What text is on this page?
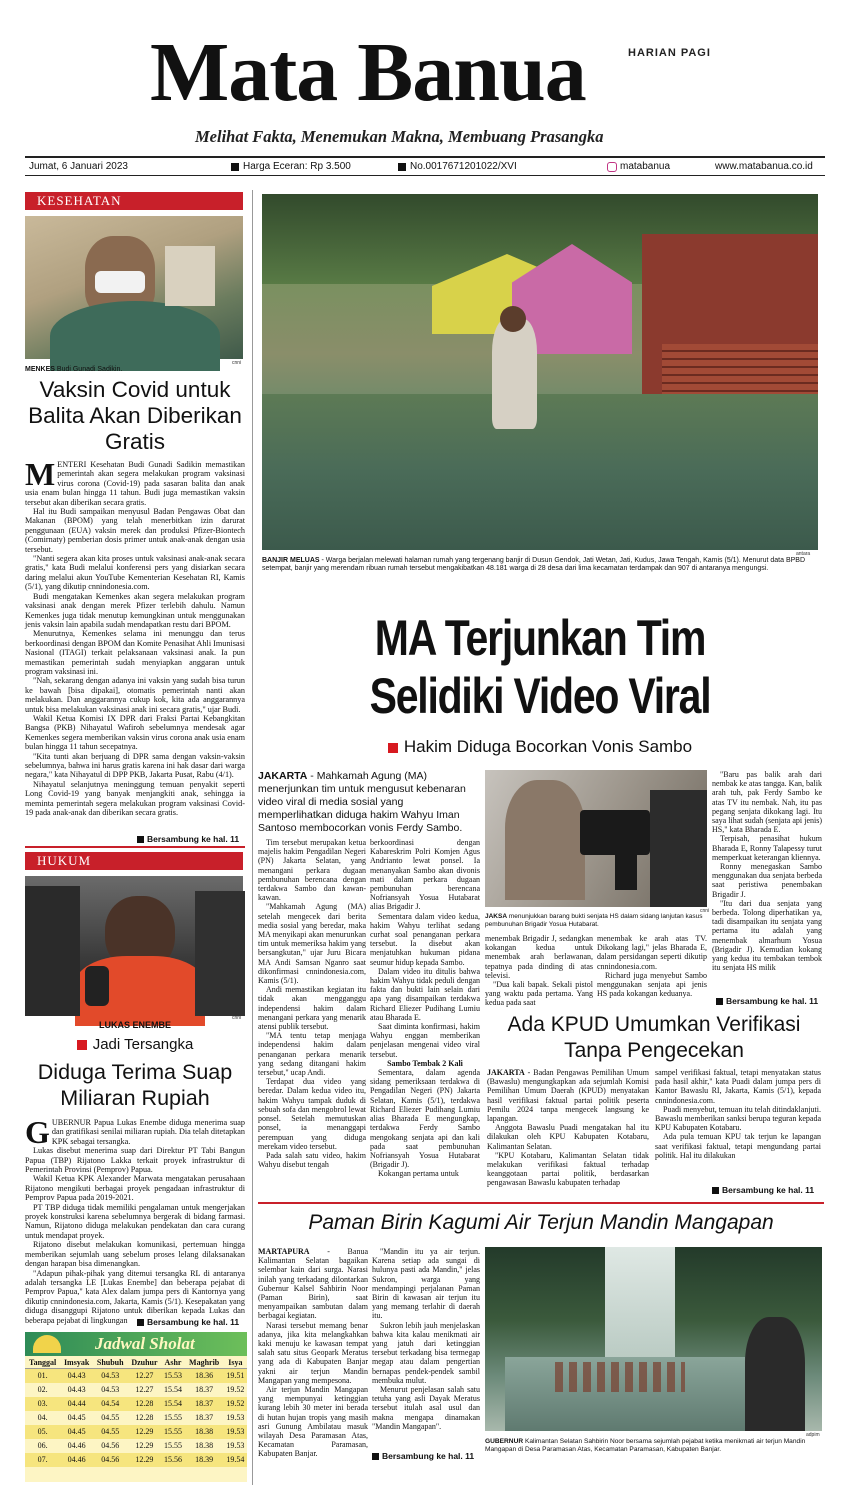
Mata Banua	HARIAN PAGI
Melihat Fakta, Menemukan Makna, Membuang Prasangka
Jumat, 6 Januari 2023	Harga Eceran: Rp 3.500	No.0017671201022/XVI	matabanua	www.matabanua.co.id
KESEHATAN
cnni
MENKES Budi Gunadi Sadikin.
Vaksin Covid untuk Balita Akan Diberikan Gratis

MENTERI Kesehatan Budi Gunadi Sadikin memastikan pemerintah akan segera melakukan program vaksinasi virus corona (Covid-19) pada sasaran balita dan anak usia enam bulan hingga 11 tahun. Budi juga memastikan vaksin tersebut akan diberikan secara gratis.

Hal itu Budi sampaikan menyusul Badan Pengawas Obat dan Makanan (BPOM) yang telah menerbitkan izin darurat penggunaan (EUA) vaksin merek dan produksi Pfizer-Biontech (Comirnaty) pemberian dosis primer untuk anak-anak dengan usia tersebut.

"Nanti segera akan kita proses untuk vaksinasi anak-anak secara gratis," kata Budi melalui konferensi pers yang disiarkan secara daring melalui akun YouTube Kementerian Kesehatan RI, Kamis (5/1), yang dikutip cnnindonesia.com.

Budi mengatakan Kemenkes akan segera melakukan program vaksinasi anak dengan merek Pfizer terlebih dahulu. Namun Kemenkes juga tidak menutup kemungkinan untuk menggunakan jenis vaksin lain apabila sudah mendapatkan restu dari BPOM.

Menurutnya, Kemenkes selama ini menunggu dan terus berkoordinasi dengan BPOM dan Komite Penasihat Ahli Imunisasi Nasional (ITAGI) terkait pelaksanaan vaksinasi anak. Ia pun memastikan pemerintah sudah menyiapkan anggaran untuk program vaksinasi ini.

"Nah, sekarang dengan adanya ini vaksin yang sudah bisa turun ke bawah [bisa dipakai], otomatis pemerintah nanti akan melakukan. Dan anggarannya cukup kok, kita ada anggarannya untuk bisa melakukan vaksinasi anak ini secara gratis," ujar Budi.

Wakil Ketua Komisi IX DPR dari Fraksi Partai Kebangkitan Bangsa (PKB) Nihayatul Wafiroh sebelumnya mendesak agar Kemenkes segera memberikan vaksin virus corona anak usia enam bulan hingga 11 tahun secepatnya.

"Kita tunti akan berjuang di DPR sama dengan vaksin-vaksin sebelumnya, bahwa ini harus gratis karena ini hak dasar dari warga negara," kata Nihayatul di DPP PKB, Jakarta Pusat, Rabu (4/1).

Nihayatul selanjutnya meninggung temuan penyakit seperti Long Covid-19 yang banyak menjangkiti anak, sehingga ia meminta pemerintah segera melakukan program vaksinasi Covid-19 pada anak-anak dan diberikan secara gratis.

Bersambung ke hal. 11
HUKUM
cnni
LUKAS ENEMBE
Jadi Tersangka
Diduga Terima Suap Miliaran Rupiah

GUBERNUR Papua Lukas Enembe diduga menerima suap dan gratifikasi senilai miliaran rupiah. Dia telah ditetapkan KPK sebagai tersangka.

Lukas disebut menerima suap dari Direktur PT Tabi Bangun Papua (TBP) Rijatono Lakka terkait proyek infrastruktur di Pemerintah Provinsi (Pemprov) Papua.

Wakil Ketua KPK Alexander Marwata mengatakan perusahaan Rijatono mengikuti berbagai proyek pengadaan infrastruktur di Pemprov Papua pada 2019-2021.

PT TBP diduga tidak memiliki pengalaman untuk mengerjakan proyek konstruksi karena sebelumnya bergerak di bidang farmasi. Namun, Rijatono diduga melakukan pendekatan dan cara curang untuk mendapat proyek.

Rijatono disebut melakukan komunikasi, pertemuan hingga memberikan sejumlah uang sebelum proses lelang dilaksanakan dengan harapan bisa dimenangkan.

"Adapun pihak-pihak yang ditemui tersangka RL di antaranya adalah tersangka LE [Lukas Enembe] dan beberapa pejabat di Pemprov Papua," kata Alex dalam jumpa pers di Kantornya yang dikutip cnnindonesia.com, Jakarta, Kamis (5/1). Kesepakatan yang diduga disanggupi Rijatono untuk diberikan kepada Lukas dan beberapa pejabat di lingkungan	Bersambung ke hal. 11
Jadwal Sholat
Tanggal	Imsyak	Shubuh	Dzuhur	Ashr	Maghrib	Isya
01.	04.43	04.53	12.27	15.53	18.36	19.51
02.	04.43	04.53	12.27	15.54	18.37	19.52
03.	04.44	04.54	12.28	15.54	18.37	19.52
04.	04.45	04.55	12.28	15.55	18.37	19.53
05.	04.45	04.55	12.29	15.55	18.38	19.53
06.	04.46	04.56	12.29	15.55	18.38	19.53
07.	04.46	04.56	12.29	15.56	18.39	19.54
antara
BANJIR MELUAS - Warga berjalan melewati halaman rumah yang tergenang banjir di Dusun Gendok, Jati Wetan, Jati, Kudus, Jawa Tengah, Kamis (5/1). Menurut data BPBD setempat, banjir yang merendam ribuan rumah tersebut mengakibatkan 48.181 warga di 28 desa dari lima kecamatan terdampak dan 907 di antaranya mengungsi.
MA Terjunkan Tim
Selidiki Video Viral
Hakim Diduga Bocorkan Vonis Sambo
JAKARTA - Mahkamah Agung (MA) menerjunkan tim untuk mengusut kebenaran video viral di media sosial yang memperlihatkan diduga hakim Wahyu Iman Santoso membocorkan vonis Ferdy Sambo.

Tim tersebut merupakan ketua majelis hakim Pengadilan Negeri (PN) Jakarta Selatan, yang menangani perkara dugaan pembunuhan berencana dengan terdakwa Sambo dan kawan-kawan.

"Mahkamah Agung (MA) setelah mengecek dari berita media sosial yang beredar, maka MA menyikapi akan menurunkan tim untuk memeriksa hakim yang bersangkutan," ujar Juru Bicara MA Andi Samsan Nganro saat dikonfirmasi cnnindonesia.com, Kamis (5/1).

Andi memastikan kegiatan itu tidak akan mengganggu independensi hakim dalam menangani perkara yang menarik atensi publik tersebut.

"MA tentu tetap menjaga independensi hakim dalam penanganan perkara menarik yang sedang ditangani hakim tersebut," ucap Andi.

Terdapat dua video yang beredar. Dalam kedua video itu, hakim Wahyu tampak duduk di sebuah sofa dan mengobrol lewat ponsel. Setelah memutuskan ponsel, ia menanggapi perempuan yang diduga merekam video tersebut.

Pada salah satu video, hakim Wahyu disebut tengah

berkoordinasi dengan Kabareskrim Polri Komjen Agus Andrianto lewat ponsel. Ia menanyakan Sambo akan divonis mati dalam perkara dugaan pembunuhan berencana Nofriansyah Yosua Hutabarat alias Brigadir J.

Sementara dalam video kedua, hakim Wahyu terlihat sedang curhat soal penanganan perkara tersebut. Ia disebut akan menjatuhkan hukuman pidana seumur hidup kepada Sambo.

Dalam video itu ditulis bahwa hakim Wahyu tidak peduli dengan fakta dan bukti lain selain dari apa yang disampaikan terdakwa Richard Eliezer Pudihang Lumiu atau Bharada E.

Saat diminta konfirmasi, hakim Wahyu enggan memberikan penjelasan mengenai video viral tersebut.

Sambo Tembak 2 Kali

Sementara, dalam agenda sidang pemeriksaan terdakwa di Pengadilan Negeri (PN) Jakarta Selatan, Kamis (5/1), terdakwa Richard Eliezer Pudihang Lumiu alias Bharada E mengungkap, terdakwa Ferdy Sambo mengokang senjata api dan kali pada saat pembunuhan Nofriansyah Yosua Hutabarat (Brigadir J).

Kokangan pertama untuk

cnni
JAKSA menunjukkan barang bukti senjata HS dalam sidang lanjutan kasus pembunuhan Brigadir Yosua Hutabarat.

menembak Brigadir J, sedangkan kokangan kedua untuk menembak arah berlawanan, tepatnya pada dinding di atas televisi.

"Dua kali bapak. Sekali pistol yang waktu pada pertama. Yang kedua pada saat

menembak ke arah atas TV. Dikokang lagi," jelas Bharada E, dalam persidangan seperti dikutip cnnindonesia.com.

Richard juga menyebut Sambo menggunakan senjata api jenis HS pada kokangan keduanya.

"Baru pas balik arah dari nembak ke atas tangga. Kan, balik arah tuh, pak Ferdy Sambo ke atas TV itu nembak. Nah, itu pas pegang senjata dikokang lagi. Itu saya lihat sudah (senjata api jenis) HS," kata Bharada E.

Terpisah, penasihat hukum Bharada E, Ronny Talapessy turut memperkuat keterangan kliennya.

Ronny menegaskan Sambo menggunakan dua senjata berbeda saat peristiwa penembakan Brigadir J.

"Itu dari dua senjata yang berbeda. Tolong diperhatikan ya, tadi disampaikan itu senjata yang pertama itu adalah yang menembak almarhum Yosua (Brigadir J). Kemudian kokang yang kedua itu tembakan tembok itu senjata HS milik

Bersambung ke hal. 11
Ada KPUD Umumkan Verifikasi Tanpa Pengecekan

JAKARTA - Badan Pengawas Pemilihan Umum (Bawaslu) mengungkapkan ada sejumlah Komisi Pemilihan Umum Daerah (KPUD) menyatakan hasil verifikasi faktual partai politik peserta Pemilu 2024 tanpa mengecek langsung ke lapangan.

Anggota Bawaslu Puadi mengatakan hal itu dilakukan oleh KPU Kabupaten Kotabaru, Kalimantan Selatan.

"KPU Kotabaru, Kalimantan Selatan tidak melakukan verifikasi faktual terhadap keanggotaan partai politik, berdasarkan pengawasan Bawaslu kabupaten terhadap

sampel verifikasi faktual, tetapi menyatakan status pada hasil akhir," kata Puadi dalam jumpa pers di Kantor Bawaslu RI, Jakarta, Kamis (5/1), kepada cnnindonesia.com.

Puadi menyebut, temuan itu telah ditindaklanjuti. Bawaslu memberikan sanksi berupa teguran kepada KPU Kabupaten Kotabaru.

Ada pula temuan KPU tak terjun ke lapangan saat verifikasi faktual, tetapi mengundang partai politik. Hal itu dilakukan

Bersambung ke hal. 11
Paman Birin Kagumi Air Terjun Mandin Mangapan

MARTAPURA - Banua Kalimantan Selatan bagaikan selembar kain dari surga. Narasi inilah yang terkadang dilontarkan Gubernur Kalsel Sahbirin Noor (Paman Birin), saat menyampaikan sambutan dalam berbagai kegiatan.

Narasi tersebut memang benar adanya, jika kita melangkahkan kaki menuju ke kawasan tempat salah satu situs Geopark Meratus yang ada di Kabupaten Banjar yakni air terjun Mandin Mangapan yang mempesona.

Air terjun Mandin Mangapan yang mempunyai ketinggian kurang lebih 30 meter ini berada di hutan hujan tropis yang masih asri Gunung Ambilatau masuk wilayah Desa Paramasan Atas, Kecamatan Paramasan, Kabupaten Banjar.

"Mandin itu ya air terjun. Karena setiap ada sungai di hulunya pasti ada Mandin," jelas Sukron, warga yang mendampingi perjalanan Paman Birin di kawasan air terjun itu yang memang terlahir di daerah itu.

Sukron lebih jauh menjelaskan bahwa kita kalau menikmati air yang jatuh dari ketinggian tersebut terkadang bisa termegap megap atau dalam pengertian bernapas pendek-pendek sambil membuka mulut.

Menurut penjelasan salah satu tetuha yang asli Dayak Meratus tersebut itulah asal usul dan makna mengapa dinamakan "Mandin Mangapan".

Bersambung ke hal. 11
adpim
GUBERNUR Kalimantan Selatan Sahbirin Noor bersama sejumlah pejabat ketika menikmati air terjun Mandin Mangapan di Desa Paramasan Atas, Kecamatan Paramasan, Kabupaten Banjar.
